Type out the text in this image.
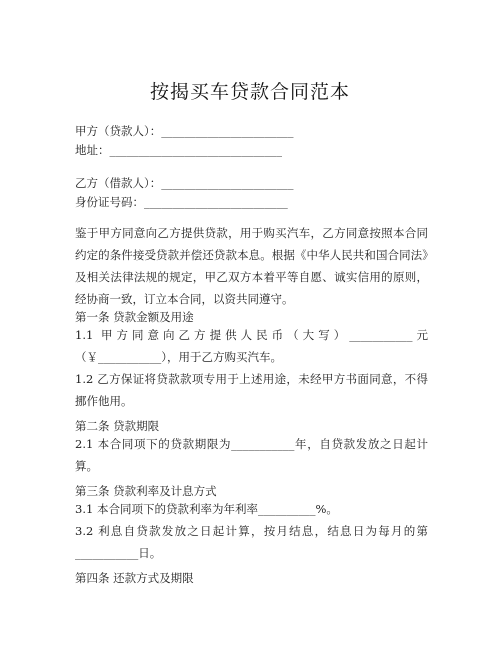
按揭买车贷款合同范本
甲方（贷款人）：_______________________
地址：______________________________
乙方（借款人）：_______________________
身份证号码：_________________________
鉴于甲方同意向乙方提供贷款，用于购买汽车，乙方同意按照本合同约定的条件接受贷款并偿还贷款本息。根据《中华人民共和国合同法》及相关法律法规的规定，甲乙双方本着平等自愿、诚实信用的原则，经协商一致，订立本合同，以资共同遵守。
第一条 贷款金额及用途
1.1 甲方同意向乙方提供人民币（大写）___________元（￥___________），用于乙方购买汽车。
1.2 乙方保证将贷款款项专用于上述用途，未经甲方书面同意，不得挪作他用。
第二条 贷款期限
2.1 本合同项下的贷款期限为___________年，自贷款发放之日起计算。
第三条 贷款利率及计息方式
3.1 本合同项下的贷款利率为年利率__________%。
3.2 利息自贷款发放之日起计算，按月结息，结息日为每月的第___________日。
第四条 还款方式及期限
